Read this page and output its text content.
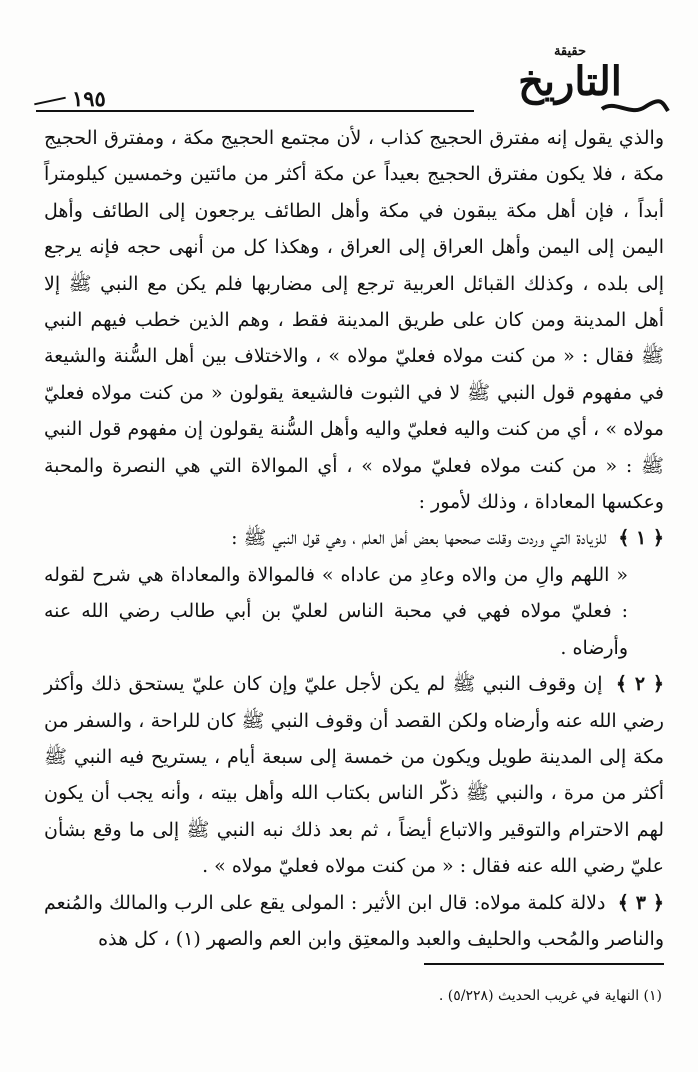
حقيقة
التاريخ
١٩٥

والذي يقول إنه مفترق الحجيج كذاب ، لأن مجتمع الحجيج مكة ، ومفترق الحجيج مكة ، فلا يكون مفترق الحجيج بعيداً عن مكة أكثر من مائتين وخمسين كيلومتراً أبداً ، فإن أهل مكة يبقون في مكة وأهل الطائف يرجعون إلى الطائف وأهل اليمن إلى اليمن وأهل العراق إلى العراق ، وهكذا كل من أنهى حجه فإنه يرجع إلى بلده ، وكذلك القبائل العربية ترجع إلى مضاربها فلم يكن مع النبي ﷺ إلا أهل المدينة ومن كان على طريق المدينة فقط ، وهم الذين خطب فيهم النبي ﷺ فقال : « من كنت مولاه فعليّ مولاه » ، والاختلاف بين أهل السُّنة والشيعة في مفهوم قول النبي ﷺ لا في الثبوت فالشيعة يقولون « من كنت مولاه فعليّ مولاه » ، أي من كنت واليه فعليّ واليه وأهل السُّنة يقولون إن مفهوم قول النبي ﷺ : « من كنت مولاه فعليّ مولاه » ، أي الموالاة التي هي النصرة والمحبة وعكسها المعاداة ، وذلك لأمور :

﴿ ١ ﴾ للزيادة التي وردت وقلت صححها بعض أهل العلم ، وهي قول النبي ﷺ :
« اللهم والِ من والاه وعادِ من عاداه » فالموالاة والمعاداة هي شرح لقوله : فعليّ مولاه فهي في محبة الناس لعليّ بن أبي طالب رضي الله عنه وأرضاه .

﴿ ٢ ﴾ إن وقوف النبي ﷺ لم يكن لأجل عليّ وإن كان عليّ يستحق ذلك وأكثر رضي الله عنه وأرضاه ولكن القصد أن وقوف النبي ﷺ كان للراحة ، والسفر من مكة إلى المدينة طويل ويكون من خمسة إلى سبعة أيام ، يستريح فيه النبي ﷺ أكثر من مرة ، والنبي ﷺ ذكّر الناس بكتاب الله وأهل بيته ، وأنه يجب أن يكون لهم الاحترام والتوقير والاتباع أيضاً ، ثم بعد ذلك نبه النبي ﷺ إلى ما وقع بشأن عليّ رضي الله عنه فقال : « من كنت مولاه فعليّ مولاه » .

﴿ ٣ ﴾ دلالة كلمة مولاه: قال ابن الأثير : المولى يقع على الرب والمالك والمُنعم والناصر والمُحب والحليف والعبد والمعتِق وابن العم والصهر (١) ، كل هذه

(١) النهاية في غريب الحديث (٥/٢٢٨) .
